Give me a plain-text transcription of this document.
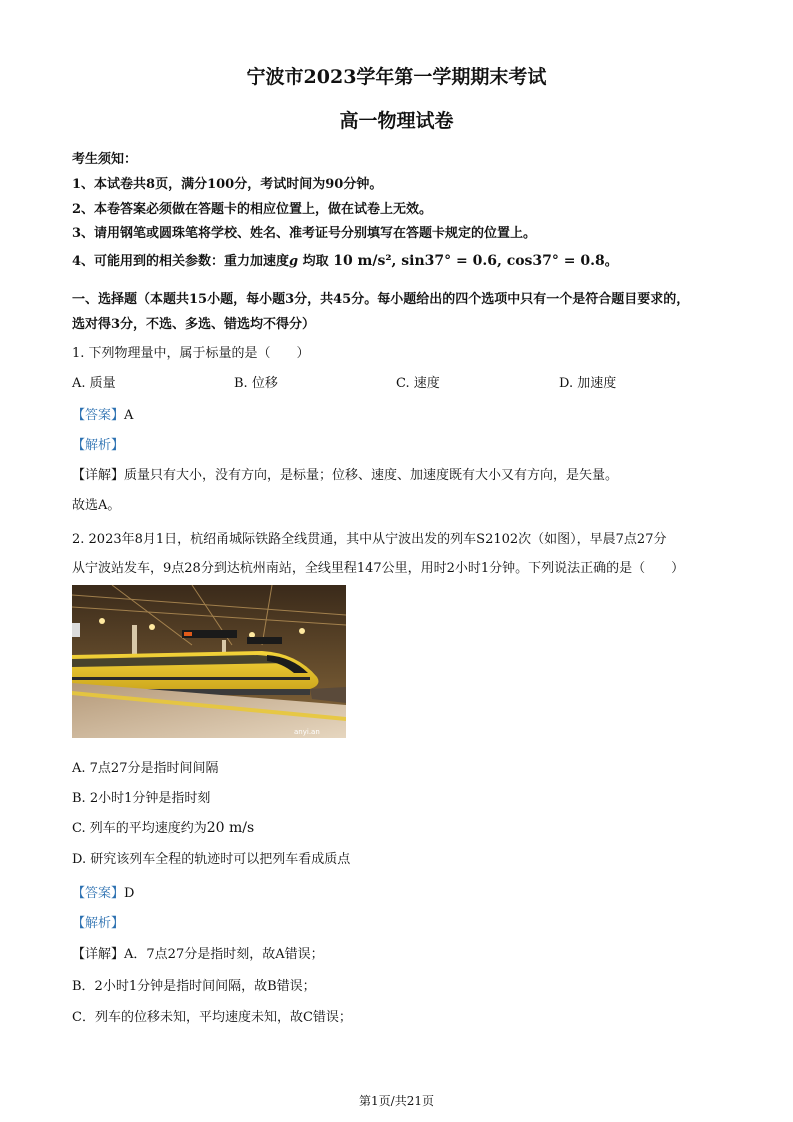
宁波市2023学年第一学期期末考试
高一物理试卷
考生须知：
1、本试卷共8页，满分100分，考试时间为90分钟。
2、本卷答案必须做在答题卡的相应位置上，做在试卷上无效。
3、请用钢笔或圆珠笔将学校、姓名、准考证号分别填写在答题卡规定的位置上。
4、可能用到的相关参数：重力加速度g 均取 10 m/s², sin37° = 0.6, cos37° = 0.8。
一、选择题（本题共15小题，每小题3分，共45分。每小题给出的四个选项中只有一个是符合题目要求的，
选对得3分，不选、多选、错选均不得分）
1. 下列物理量中，属于标量的是（　　）
A. 质量	B. 位移	C. 速度	D. 加速度
【答案】A
【解析】
【详解】质量只有大小，没有方向，是标量；位移、速度、加速度既有大小又有方向，是矢量。
故选A。
2. 2023年8月1日，杭绍甬城际铁路全线贯通，其中从宁波出发的列车S2102次（如图），早晨7点27分
从宁波站发车，9点28分到达杭州南站，全线里程147公里，用时2小时1分钟。下列说法正确的是（　　）
anyi.an
A. 7点27分是指时间间隔
B. 2小时1分钟是指时刻
C. 列车的平均速度约为20 m/s
D. 研究该列车全程的轨迹时可以把列车看成质点
【答案】D
【解析】
【详解】A．7点27分是指时刻，故A错误；
B．2小时1分钟是指时间间隔，故B错误；
C．列车的位移未知，平均速度未知，故C错误；
第1页/共21页
